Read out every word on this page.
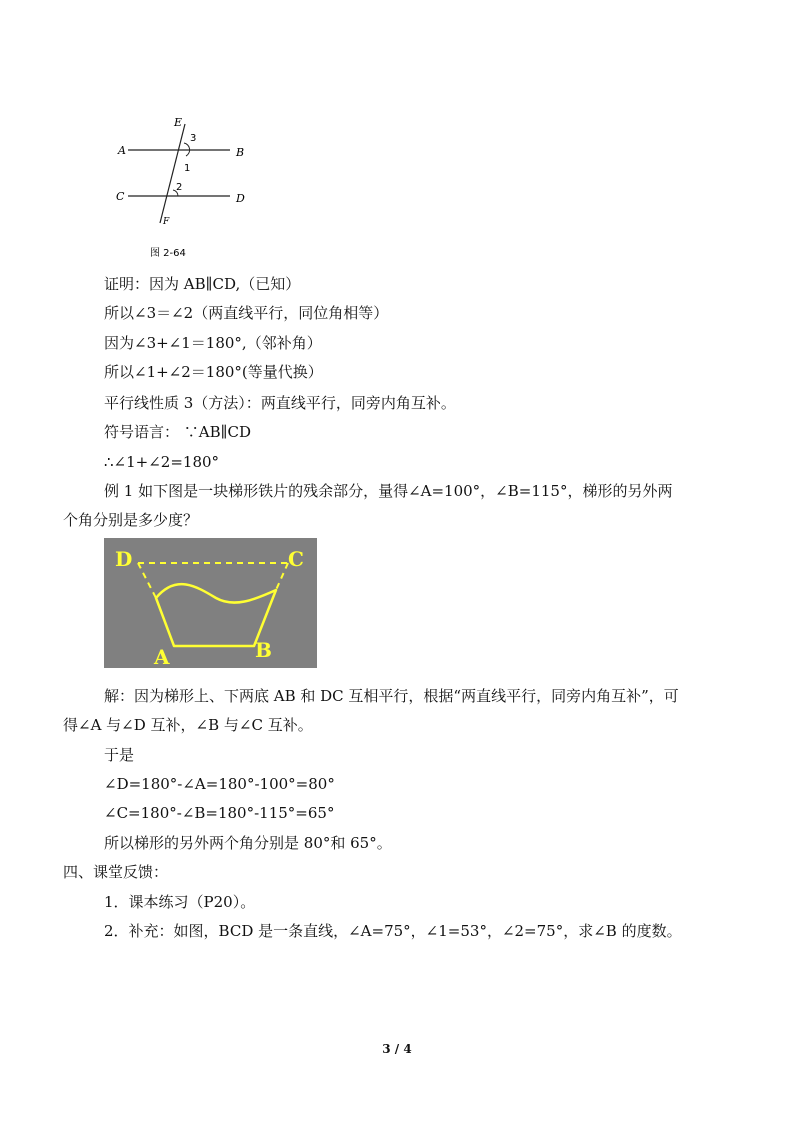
E
A	B
3
1
2
C	D
F
图 2-64
证明：因为 AB∥CD,（已知）
所以∠3＝∠2（两直线平行，同位角相等）
因为∠3+∠1＝180°,（邻补角）
所以∠1+∠2＝180°(等量代换）
平行线性质 3（方法）：两直线平行，同旁内角互补。
符号语言： ∵AB∥CD
∴∠1+∠2=180°
例 1 如下图是一块梯形铁片的残余部分，量得∠A=100°，∠B=115°，梯形的另外两
个角分别是多少度？
D	C
A	B
解：因为梯形上、下两底 AB 和 DC 互相平行，根据“两直线平行，同旁内角互补”，可
得∠A 与∠D 互补，∠B 与∠C 互补。
于是
∠D=180°-∠A=180°-100°=80°
∠C=180°-∠B=180°-115°=65°
所以梯形的另外两个角分别是 80°和 65°。
四、课堂反馈：
1．课本练习（P20）。
2．补充：如图，BCD 是一条直线，∠A=75°，∠1=53°，∠2=75°，求∠B 的度数。
3 / 4
